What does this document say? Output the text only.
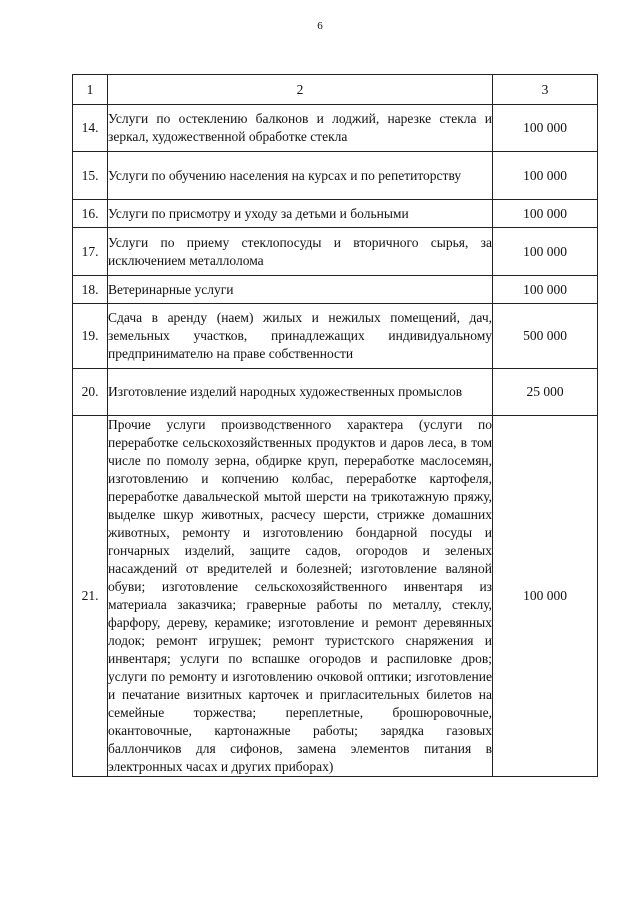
6
1	2	3
14.	Услуги по остеклению балконов и лоджий, нарезке стекла и зеркал, художественной обработке стекла	100 000
15.	Услуги по обучению населения на курсах и по репетиторству	100 000
16.	Услуги по присмотру и уходу за детьми и больными	100 000
17.	Услуги по приему стеклопосуды и вторичного сырья, за исключением металлолома	100 000
18.	Ветеринарные услуги	100 000
19.	Сдача в аренду (наем) жилых и нежилых помещений, дач, земельных участков, принадлежащих индивидуальному предпринимателю на праве собственности	500 000
20.	Изготовление изделий народных художественных промыслов	25 000
21.	Прочие услуги производственного характера (услуги по переработке сельскохозяйственных продуктов и даров леса, в том числе по помолу зерна, обдирке круп, переработке маслосемян, изготовлению и копчению колбас, переработке картофеля, переработке давальческой мытой шерсти на трикотажную пряжу, выделке шкур животных, расчесу шерсти, стрижке домашних животных, ремонту и изготовлению бондарной посуды и гончарных изделий, защите садов, огородов и зеленых насаждений от вредителей и болезней; изготовление валяной обуви; изготовление сельскохозяйственного инвентаря из материала заказчика; граверные работы по металлу, стеклу, фарфору, дереву, керамике; изготовление и ремонт деревянных лодок; ремонт игрушек; ремонт туристского снаряжения и инвентаря; услуги по вспашке огородов и распиловке дров; услуги по ремонту и изготовлению очковой оптики; изготовление и печатание визитных карточек и пригласительных билетов на семейные торжества; переплетные, брошюровочные, окантовочные, картонажные работы; зарядка газовых баллончиков для сифонов, замена элементов питания в электронных часах и других приборах)	100 000
